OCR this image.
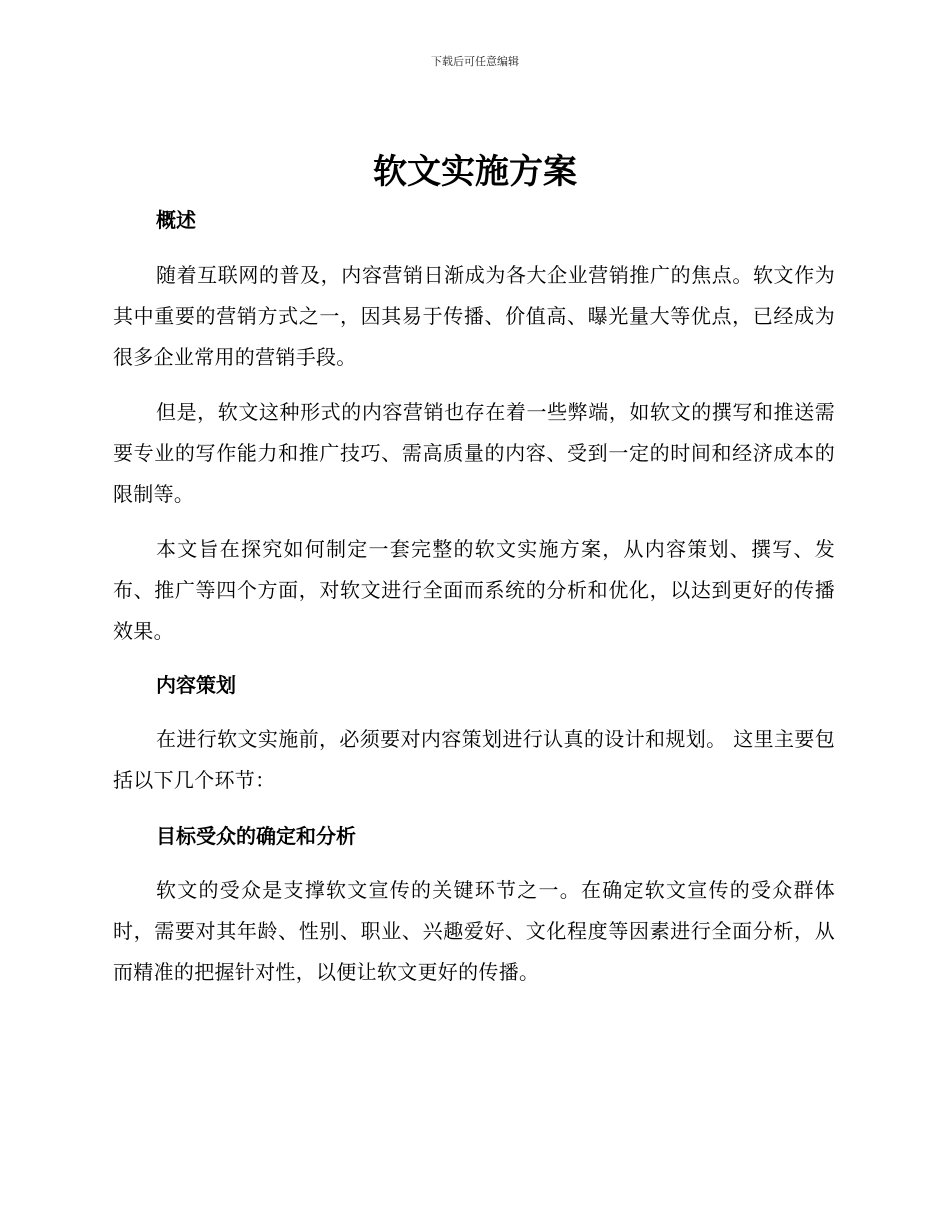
下载后可任意编辑
软文实施方案
概述

随着互联网的普及，内容营销日渐成为各大企业营销推广的焦点。软文作为其中重要的营销方式之一，因其易于传播、价值高、曝光量大等优点，已经成为很多企业常用的营销手段。

但是，软文这种形式的内容营销也存在着一些弊端，如软文的撰写和推送需要专业的写作能力和推广技巧、需高质量的内容、受到一定的时间和经济成本的限制等。

本文旨在探究如何制定一套完整的软文实施方案，从内容策划、撰写、发布、推广等四个方面，对软文进行全面而系统的分析和优化，以达到更好的传播效果。

内容策划

在进行软文实施前，必须要对内容策划进行认真的设计和规划。 这里主要包括以下几个环节：

目标受众的确定和分析

软文的受众是支撑软文宣传的关键环节之一。在确定软文宣传的受众群体时，需要对其年龄、性别、职业、兴趣爱好、文化程度等因素进行全面分析，从而精准的把握针对性，以便让软文更好的传播。
